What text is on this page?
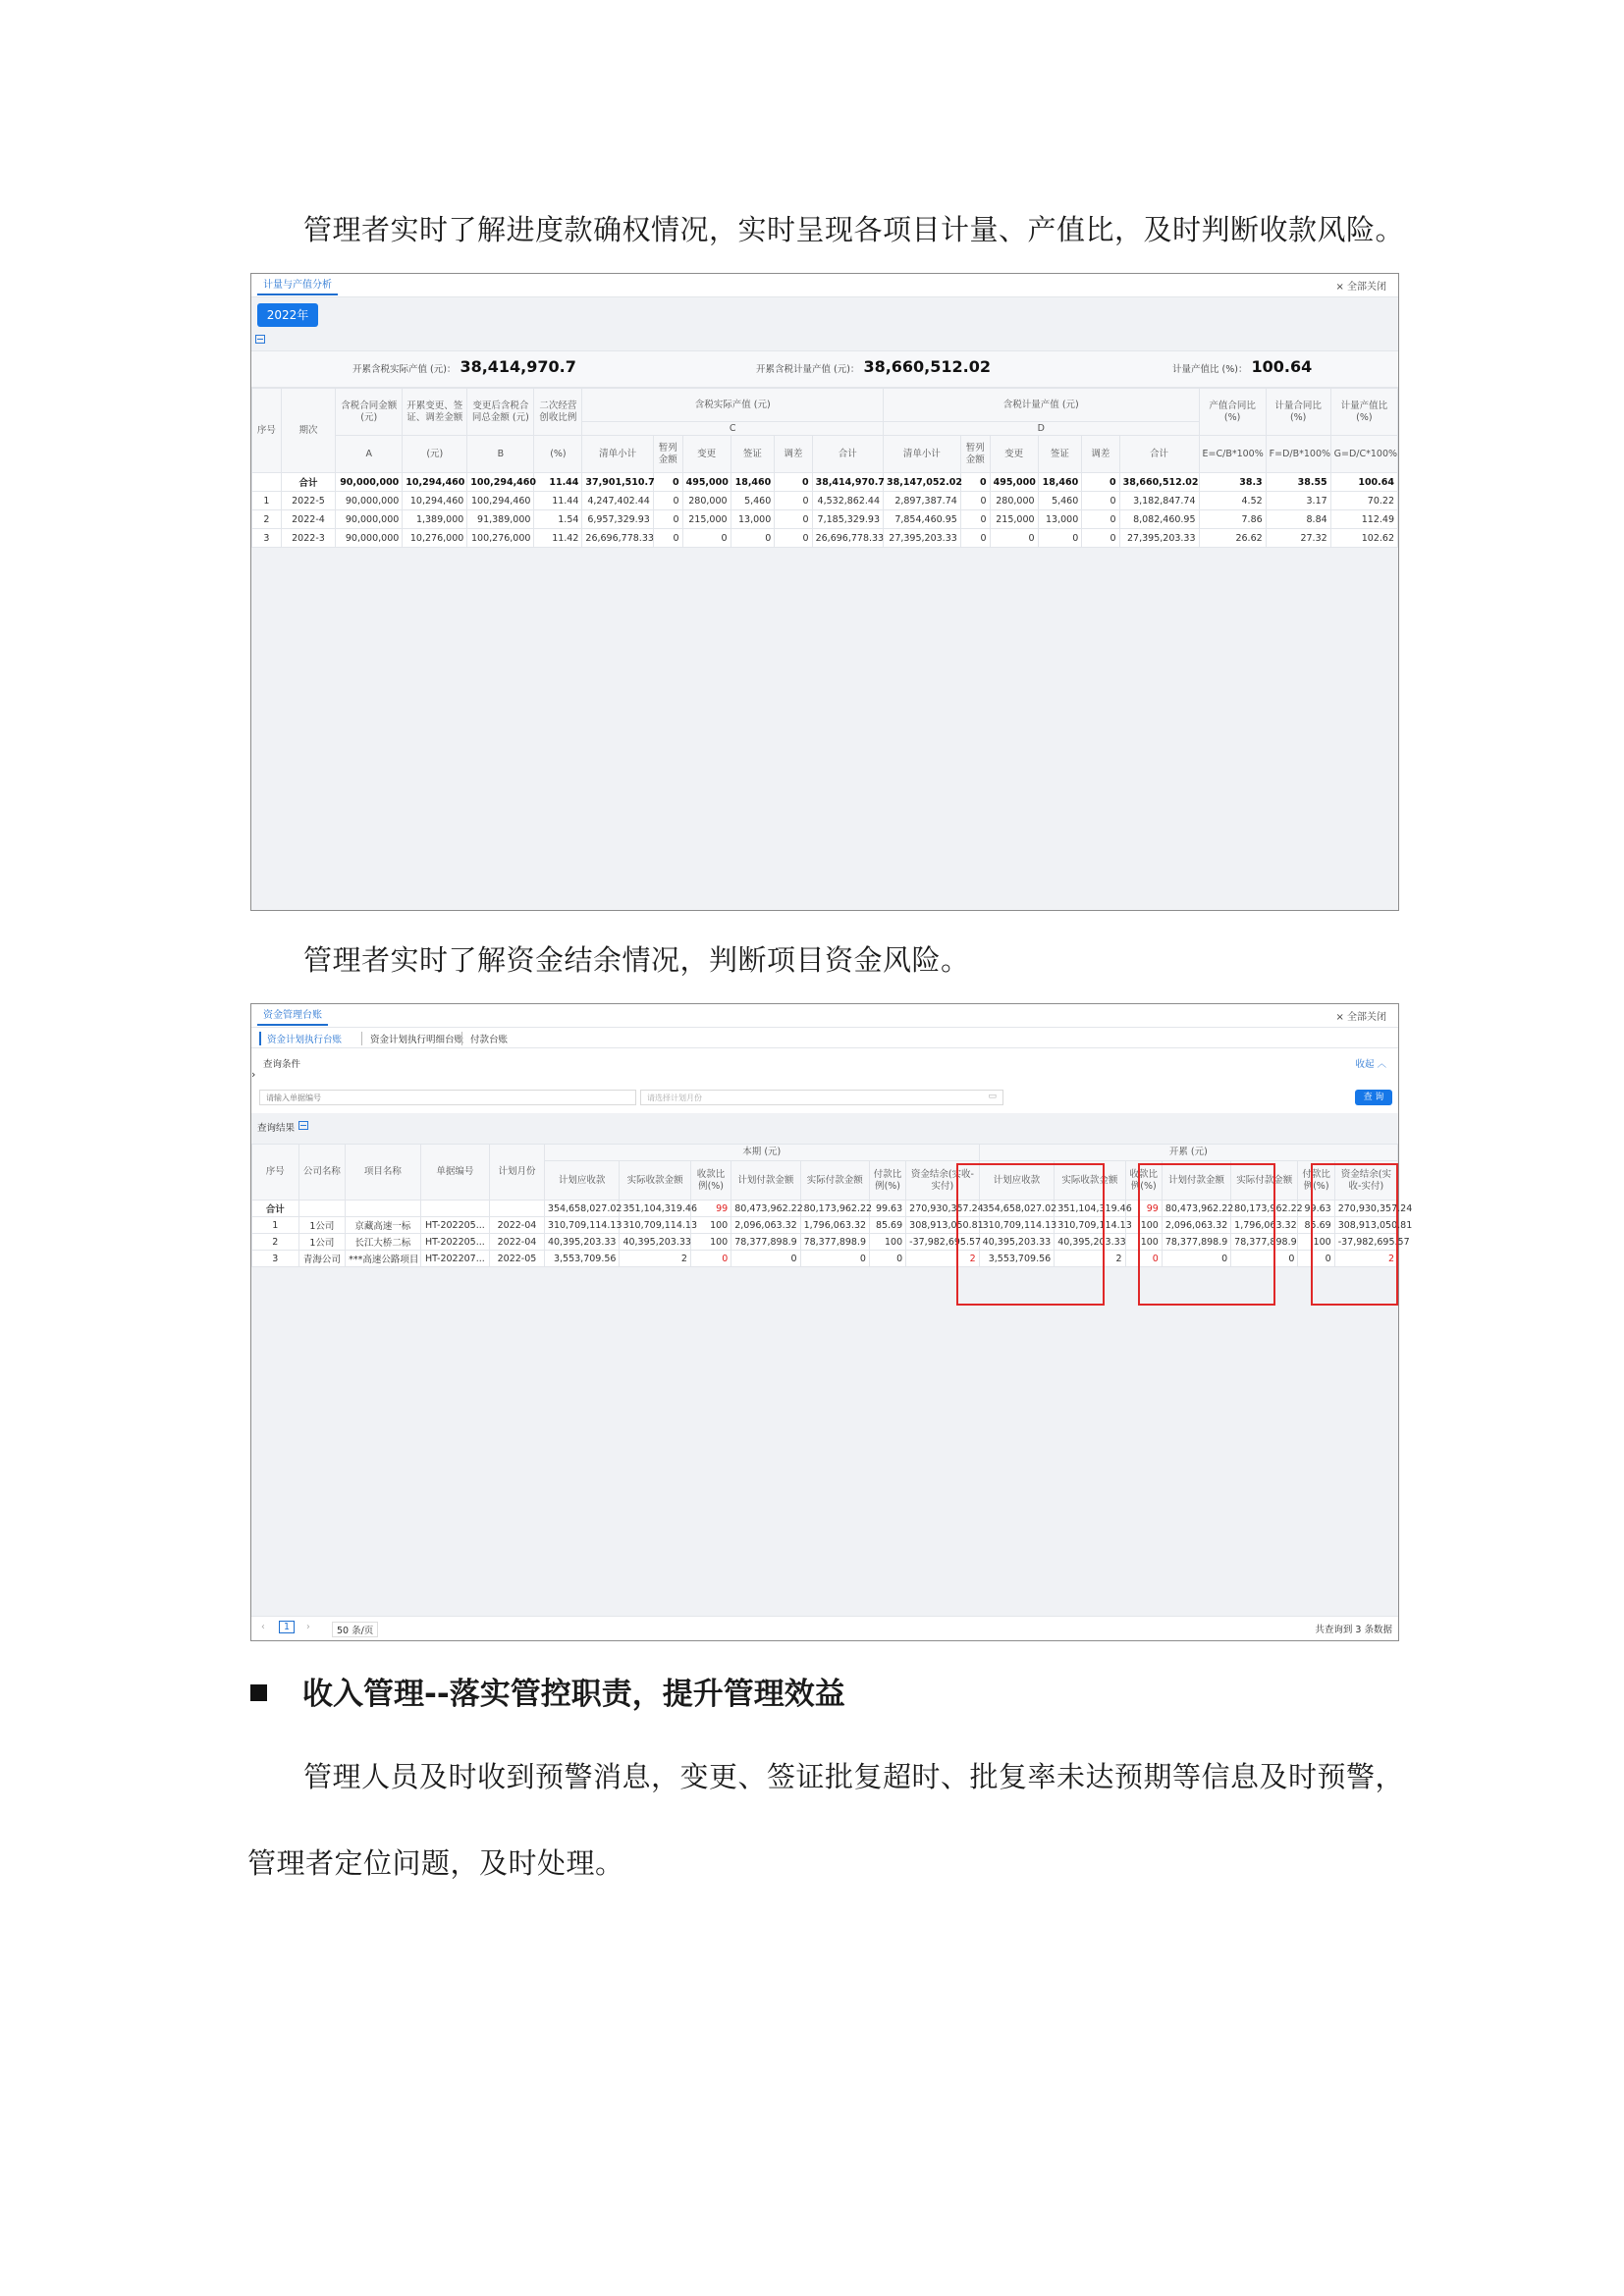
管理者实时了解进度款确权情况，实时呈现各项目计量、产值比，及时判断收款风险。
计量与产值分析	× 全部关闭
2022年
开累含税实际产值 (元)： 38,414,970.7	开累含税计量产值 (元)： 38,660,512.02	计量产值比 (%)： 100.64
序号	期次	含税合同金额 (元)	开累变更、签证、调差金额	变更后含税合同总金额 (元)	二次经营创收比例	含税实际产值 (元)						含税计量产值 (元)						产值合同比 (%)	计量合同比 (%)	计量产值比 (%)
						C						D								
		A	(元)	B	(%)	清单小计	暂列金额	变更	签证	调差	合计	清单小计	暂列金额	变更	签证	调差	合计	E=C/B*100%	F=D/B*100%	G=D/C*100%
	合计	90,000,000	10,294,460	100,294,460	11.44	37,901,510.7	0	495,000	18,460	0	38,414,970.7	38,147,052.02	0	495,000	18,460	0	38,660,512.02	38.3	38.55	100.64
1	2022-5	90,000,000	10,294,460	100,294,460	11.44	4,247,402.44	0	280,000	5,460	0	4,532,862.44	2,897,387.74	0	280,000	5,460	0	3,182,847.74	4.52	3.17	70.22
2	2022-4	90,000,000	1,389,000	91,389,000	1.54	6,957,329.93	0	215,000	13,000	0	7,185,329.93	7,854,460.95	0	215,000	13,000	0	8,082,460.95	7.86	8.84	112.49
3	2022-3	90,000,000	10,276,000	100,276,000	11.42	26,696,778.33	0	0	0	0	26,696,778.33	27,395,203.33	0	0	0	0	27,395,203.33	26.62	27.32	102.62
管理者实时了解资金结余情况，判断项目资金风险。
资金管理台账	× 全部关闭
资金计划执行台账	资金计划执行明细台账 付款台账
查询条件
›
收起 ︿
请输入单据编号
请选择计划月份	▭	查 询
查询结果
序号	公司名称	项目名称	单据编号	计划月份	本期 (元)							开累 (元)						
					计划应收款	实际收款金额	收款比例(%)	计划付款金额	实际付款金额	付款比例(%)	资金结余(实收-实付)	计划应收款	实际收款金额	收款比例(%)	计划付款金额	实际付款金额	付款比例(%)	资金结余(实收-实付)
合计					354,658,027.02	351,104,319.46	99	80,473,962.22	80,173,962.22	99.63	270,930,357.24	354,658,027.02	351,104,319.46	99	80,473,962.22	80,173,962.22	99.63	270,930,357.24
1	1公司	京藏高速一标	HT-202205...	2022-04	310,709,114.13	310,709,114.13	100	2,096,063.32	1,796,063.32	85.69	308,913,050.81	310,709,114.13	310,709,114.13	100	2,096,063.32	1,796,063.32	85.69	308,913,050.81
2	1公司	长江大桥二标	HT-202205...	2022-04	40,395,203.33	40,395,203.33	100	78,377,898.9	78,377,898.9	100	-37,982,695.57	40,395,203.33	40,395,203.33	100	78,377,898.9	78,377,898.9	100	-37,982,695.57
3	青海公司	***高速公路项目	HT-202207...	2022-05	3,553,709.56	2	0	0	0	0	2	3,553,709.56	2	0	0	0	0	2
‹	1	›	50 条/页	共查询到 3 条数据
收入管理--落实管控职责，提升管理效益
管理人员及时收到预警消息，变更、签证批复超时、批复率未达预期等信息及时预警，
管理者定位问题，及时处理。
